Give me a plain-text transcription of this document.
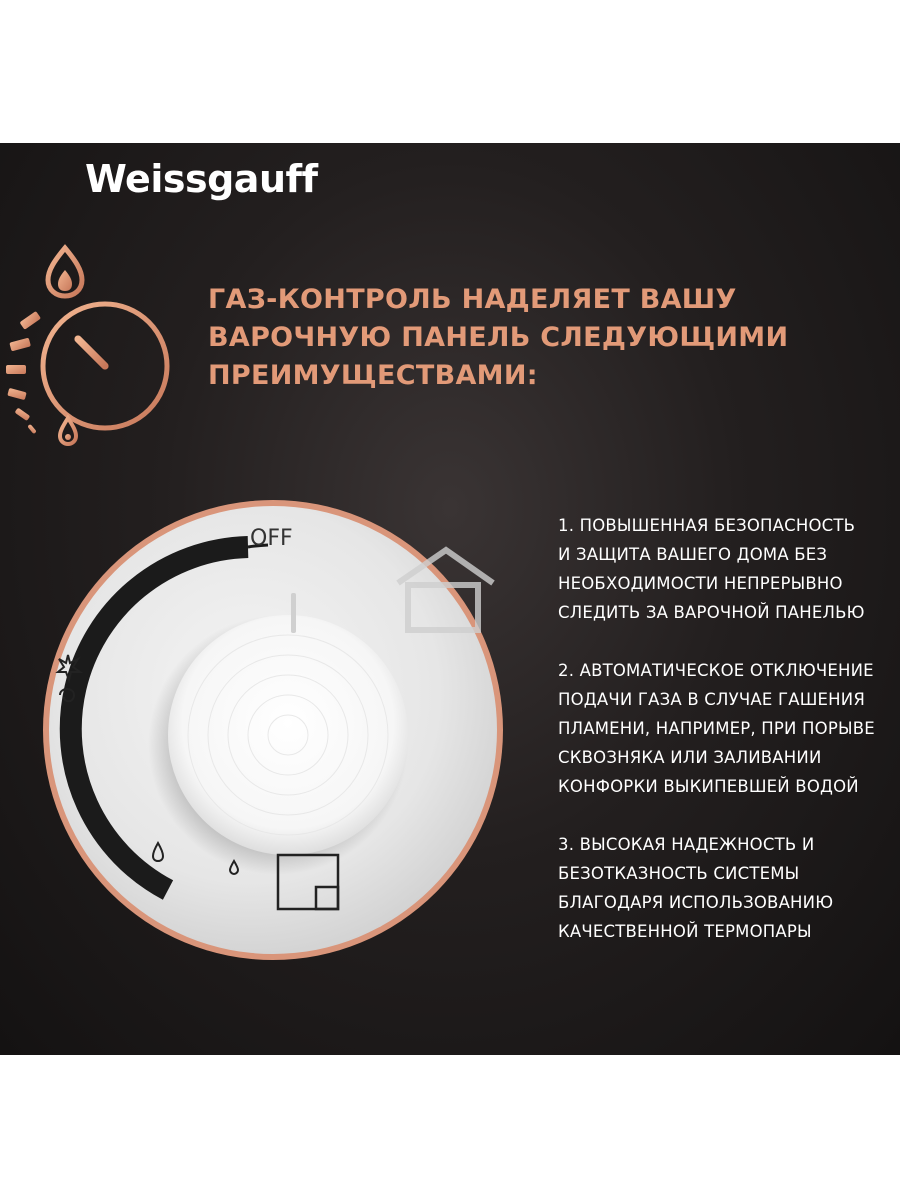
Weissgauff
ГАЗ-КОНТРОЛЬ НАДЕЛЯЕТ ВАШУ
ВАРОЧНУЮ ПАНЕЛЬ СЛЕДУЮЩИМИ
ПРЕИМУЩЕСТВАМИ:
OFF
1. ПОВЫШЕННАЯ БЕЗОПАСНОСТЬ
И ЗАЩИТА ВАШЕГО ДОМА БЕЗ
НЕОБХОДИМОСТИ НЕПРЕРЫВНО
СЛЕДИТЬ ЗА ВАРОЧНОЙ ПАНЕЛЬЮ
2. АВТОМАТИЧЕСКОЕ ОТКЛЮЧЕНИЕ
ПОДАЧИ ГАЗА В СЛУЧАЕ ГАШЕНИЯ
ПЛАМЕНИ, НАПРИМЕР, ПРИ ПОРЫВЕ
СКВОЗНЯКА ИЛИ ЗАЛИВАНИИ
КОНФОРКИ ВЫКИПЕВШЕЙ ВОДОЙ
3. ВЫСОКАЯ НАДЕЖНОСТЬ И
БЕЗОТКАЗНОСТЬ СИСТЕМЫ
БЛАГОДАРЯ ИСПОЛЬЗОВАНИЮ
КАЧЕСТВЕННОЙ ТЕРМОПАРЫ
